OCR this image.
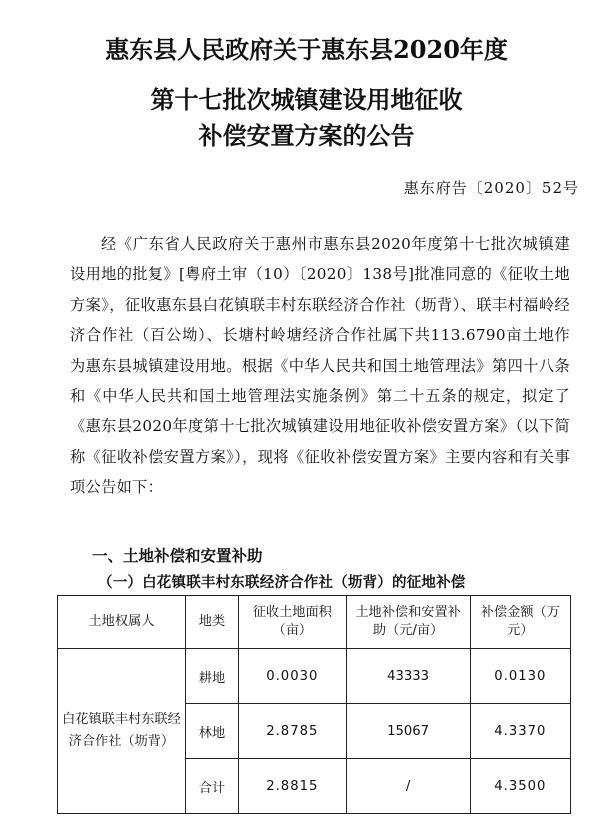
惠东县人民政府关于惠东县2020年度
第十七批次城镇建设用地征收
补偿安置方案的公告
惠东府告〔2020〕52号
经《广东省人民政府关于惠州市惠东县2020年度第十七批次城镇建设用地的批复》[粤府土审（10）〔2020〕138号]批准同意的《征收土地方案》，征收惠东县白花镇联丰村东联经济合作社（坜背）、联丰村福岭经济合作社（百公坳）、长塘村岭塘经济合作社属下共113.6790亩土地作为惠东县城镇建设用地。根据《中华人民共和国土地管理法》第四十八条和《中华人民共和国土地管理法实施条例》第二十五条的规定，拟定了《惠东县2020年度第十七批次城镇建设用地征收补偿安置方案》（以下简称《征收补偿安置方案》），现将《征收补偿安置方案》主要内容和有关事项公告如下：
一、土地补偿和安置补助
（一）白花镇联丰村东联经济合作社（坜背）的征地补偿
土地权属人	地类	征收土地面积（亩）	土地补偿和安置补助（元/亩）	补偿金额（万元）
白花镇联丰村东联经济合作社（坜背）	耕地	0.0030	43333	0.0130
	林地	2.8785	15067	4.3370
	合计	2.8815	/	4.3500
